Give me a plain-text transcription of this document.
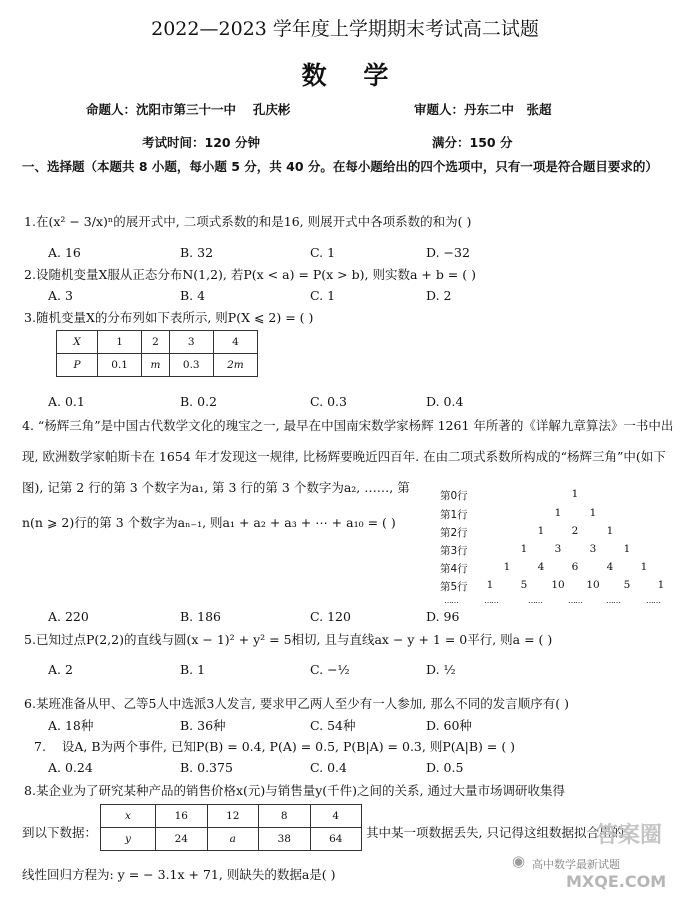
2022—2023 学年度上学期期末考试高二试题
数 学
命题人：沈阳市第三十一中　 孔庆彬	审题人：丹东二中　张超
考试时间：120 分钟	满分：150 分
一、选择题（本题共 8 小题，每小题 5 分，共 40 分。在每小题给出的四个选项中，只有一项是符合题目要求的）
1.在(x² − 3/x)ⁿ的展开式中, 二项式系数的和是16, 则展开式中各项系数的和为( )
A. 16	B. 32	C. 1	D. −32
2.设随机变量X服从正态分布N(1,2), 若P(x < a) = P(x > b), 则实数a + b = ( )
A. 3	B. 4	C. 1	D. 2
3.随机变量X的分布列如下表所示, 则P(X ⩽ 2) = ( )
X	1	2	3	4
P	0.1	m	0.3	2m
A. 0.1	B. 0.2	C. 0.3	D. 0.4
4. “杨辉三角”是中国古代数学文化的瑰宝之一, 最早在中国南宋数学家杨辉 1261 年所著的《详解九章算法》一书中出现, 欧洲数学家帕斯卡在 1654 年才发现这一规律, 比杨辉要晚近四百年. 在由二项式系数所构成的“杨辉三角”中(如下图), 记第 2 行的第 3 个数字为a₁, 第 3 行的第 3 个数字为a₂, ……, 第
n(n ⩾ 2)行的第 3 个数字为aₙ₋₁, 则a₁ + a₂ + a₃ + ⋯ + a₁₀ = ( )
第0行	1
第1行	1	1
第2行	1	2	1
第3行	1	3	3	1
第4行	1	4	6	4	1
第5行	1	5	10 10	5	1
……	……	……	……	……	……
A. 220	B. 186	C. 120	D. 96
5.已知过点P(2,2)的直线与圆(x − 1)² + y² = 5相切, 且与直线ax − y + 1 = 0平行, 则a = ( )
A. 2	B. 1	C. −½	D. ½
6.某班准备从甲、乙等5人中选派3人发言, 要求甲乙两人至少有一人参加, 那么不同的发言顺序有( )
A. 18种	B. 36种	C. 54种	D. 60种
7. 设A, B为两个事件, 已知P(B) = 0.4, P(A) = 0.5, P(B|A) = 0.3, 则P(A|B) = ( )
A. 0.24	B. 0.375	C. 0.4	D. 0.5
8.某企业为了研究某种产品的销售价格x(元)与销售量y(千件)之间的关系, 通过大量市场调研收集得
到以下数据：
x	16	12	8	4
y	24	a	38	64 其中某一项数据丢失, 只记得这组数据拟合出的
线性回归方程为: y = − 3.1x + 71, 则缺失的数据a是( )
答案圈
◉ 高中数学最新试题
MXQE.COM
